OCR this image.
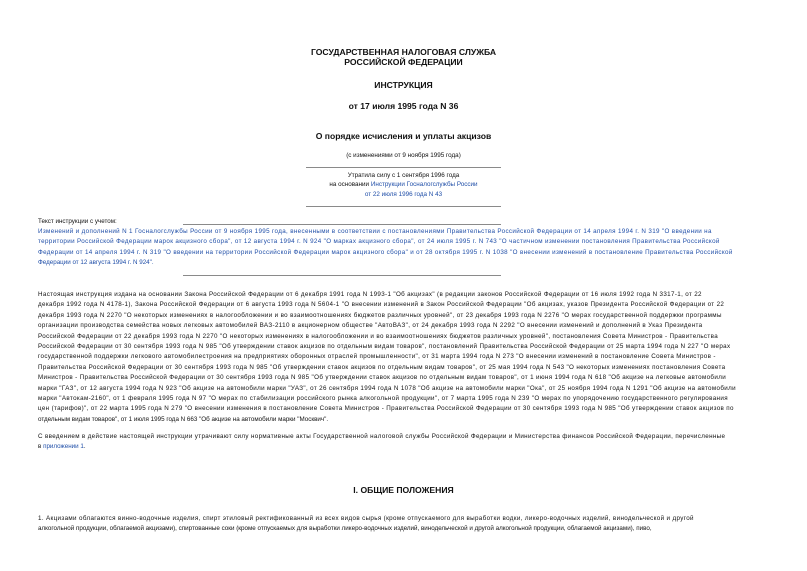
ГОСУДАРСТВЕННАЯ НАЛОГОВАЯ СЛУЖБА
РОССИЙСКОЙ ФЕДЕРАЦИИ
ИНСТРУКЦИЯ
от 17 июля 1995 года N 36
О порядке исчисления и уплаты акцизов
(с изменениями от 9 ноября 1995 года)
Утратила силу с 1 сентября 1996 года
на основании Инструкции Госналогслужбы России
от 22 июля 1996 года N 43
Текст инструкции с учетом:
Изменений и дополнений N 1 Госналогслужбы России от 9 ноября 1995 года, внесенными в соответствии с постановлениями Правительства Российской Федерации от 14 апреля 1994 г. N 319 "О введении на
территории Российской Федерации марок акцизного сбора", от 12 августа 1994 г. N 924 "О марках акцизного сбора", от 24 июля 1995 г. N 743 "О частичном изменении постановления Правительства Российской
Федерации от 14 апреля 1994 г. N 319 "О введении на территории Российской Федерации марок акцизного сбора" и от 28 октября 1995 г. N 1038 "О внесении изменений в постановление Правительства Российской
Федерации от 12 августа 1994 г. N 924".
Настоящая инструкция издана на основании Закона Российской Федерации от 6 декабря 1991 года N 1993-1 "Об акцизах" (в редакции законов Российской Федерации от 16 июля 1992 года N 3317-1, от 22
декабря 1992 года N 4178-1), Закона Российской Федерации от 6 августа 1993 года N 5604-1 "О внесении изменений в Закон Российской Федерации "Об акцизах, указов Президента Российской Федерации от 22
декабря 1993 года N 2270 "О некоторых изменениях в налогообложении и во взаимоотношениях бюджетов различных уровней", от 23 декабря 1993 года N 2276 "О мерах государственной поддержки программы
организации производства семейства новых легковых автомобилей ВАЗ-2110 в акционерном обществе "АвтоВАЗ", от 24 декабря 1993 года N 2292 "О внесении изменений и дополнений в Указ Президента
Российской Федерации от 22 декабря 1993 года N 2270 "О некоторых изменениях в налогообложении и во взаимоотношениях бюджетов различных уровней", постановления Совета Министров - Правительства
Российской Федерации от 30 сентября 1993 года N 985 "Об утверждении ставок акцизов по отдельным видам товаров", постановлений Правительства Российской Федерации от 25 марта 1994 года N 227 "О мерах
государственной поддержки легкового автомобилестроения на предприятиях оборонных отраслей промышленности", от 31 марта 1994 года N 273 "О внесении изменений в постановление Совета Министров -
Правительства Российской Федерации от 30 сентября 1993 года N 985 "Об утверждении ставок акцизов по отдельным видам товаров", от 25 мая 1994 года N 543 "О некоторых изменениях постановления Совета
Министров - Правительства Российской Федерации от 30 сентября 1993 года N 985 "Об утверждении ставок акцизов по отдельным видам товаров", от 1 июня 1994 года N 618 "Об акцизе на легковые автомобили
марки "ГАЗ", от 12 августа 1994 года N 923 "Об акцизе на автомобили марки "УАЗ", от 26 сентября 1994 года N 1078 "Об акцизе на автомобили марки "Ока", от 25 ноября 1994 года N 1291 "Об акцизе на автомобили
марки "Автокам-2160", от 1 февраля 1995 года N 97 "О мерах по стабилизации российского рынка алкогольной продукции", от 7 марта 1995 года N 239 "О мерах по упорядочению государственного регулирования
цен (тарифов)", от 22 марта 1995 года N 279 "О внесении изменения в постановление Совета Министров - Правительства Российской Федерации от 30 сентября 1993 года N 985 "Об утверждении ставок акцизов по
отдельным видам товаров", от 1 июля 1995 года N 663 "Об акцизе на автомобили марки "Москвич".
С введением в действие настоящей инструкции утрачивают силу нормативные акты Государственной налоговой службы Российской Федерации и Министерства финансов Российской Федерации, перечисленные
в приложении 1.
I. ОБЩИЕ ПОЛОЖЕНИЯ
1. Акцизами облагаются винно-водочные изделия, спирт этиловый ректификованный из всех видов сырья (кроме отпускаемого для выработки водки, ликеро-водочных изделий, винодельческой и другой
алкогольной продукции, облагаемой акцизами), спиртованные соки (кроме отпускаемых для выработки ликеро-водочных изделий, винодельческой и другой алкогольной продукции, облагаемой акцизами), пиво,
